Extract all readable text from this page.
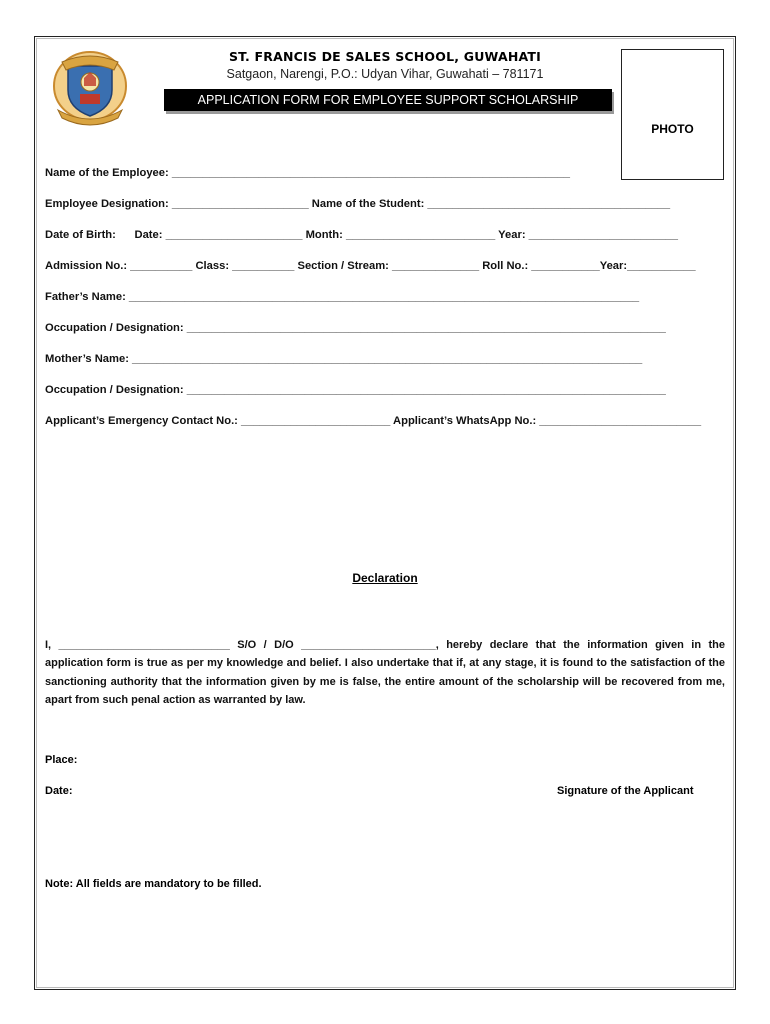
ST. FRANCIS DE SALES SCHOOL, GUWAHATI
Satgaon, Narengi, P.O.: Udyan Vihar, Guwahati – 781171
APPLICATION FORM FOR EMPLOYEE SUPPORT SCHOLARSHIP
PHOTO
Name of the Employee: ________________________________________________________________
Employee Designation: ______________________ Name of the Student: _______________________________________
Date of Birth:      Date: ______________________ Month: ________________________ Year: ________________________
Admission No.: __________ Class: __________ Section / Stream: ______________ Roll No.: ___________Year:___________
Father’s Name: __________________________________________________________________________________
Occupation / Designation: _____________________________________________________________________________
Mother’s Name: __________________________________________________________________________________
Occupation / Designation: _____________________________________________________________________________
Applicant’s Emergency Contact No.: ________________________ Applicant’s WhatsApp No.: __________________________
Declaration
I, ____________________________ S/O / D/O ______________________, hereby declare that the information given in the application form is true as per my knowledge and belief. I also undertake that if, at any stage, it is found to the satisfaction of the sanctioning authority that the information given by me is false, the entire amount of the scholarship will be recovered from me, apart from such penal action as warranted by law.
Place:
Date:	Signature of the Applicant
Note: All fields are mandatory to be filled.
